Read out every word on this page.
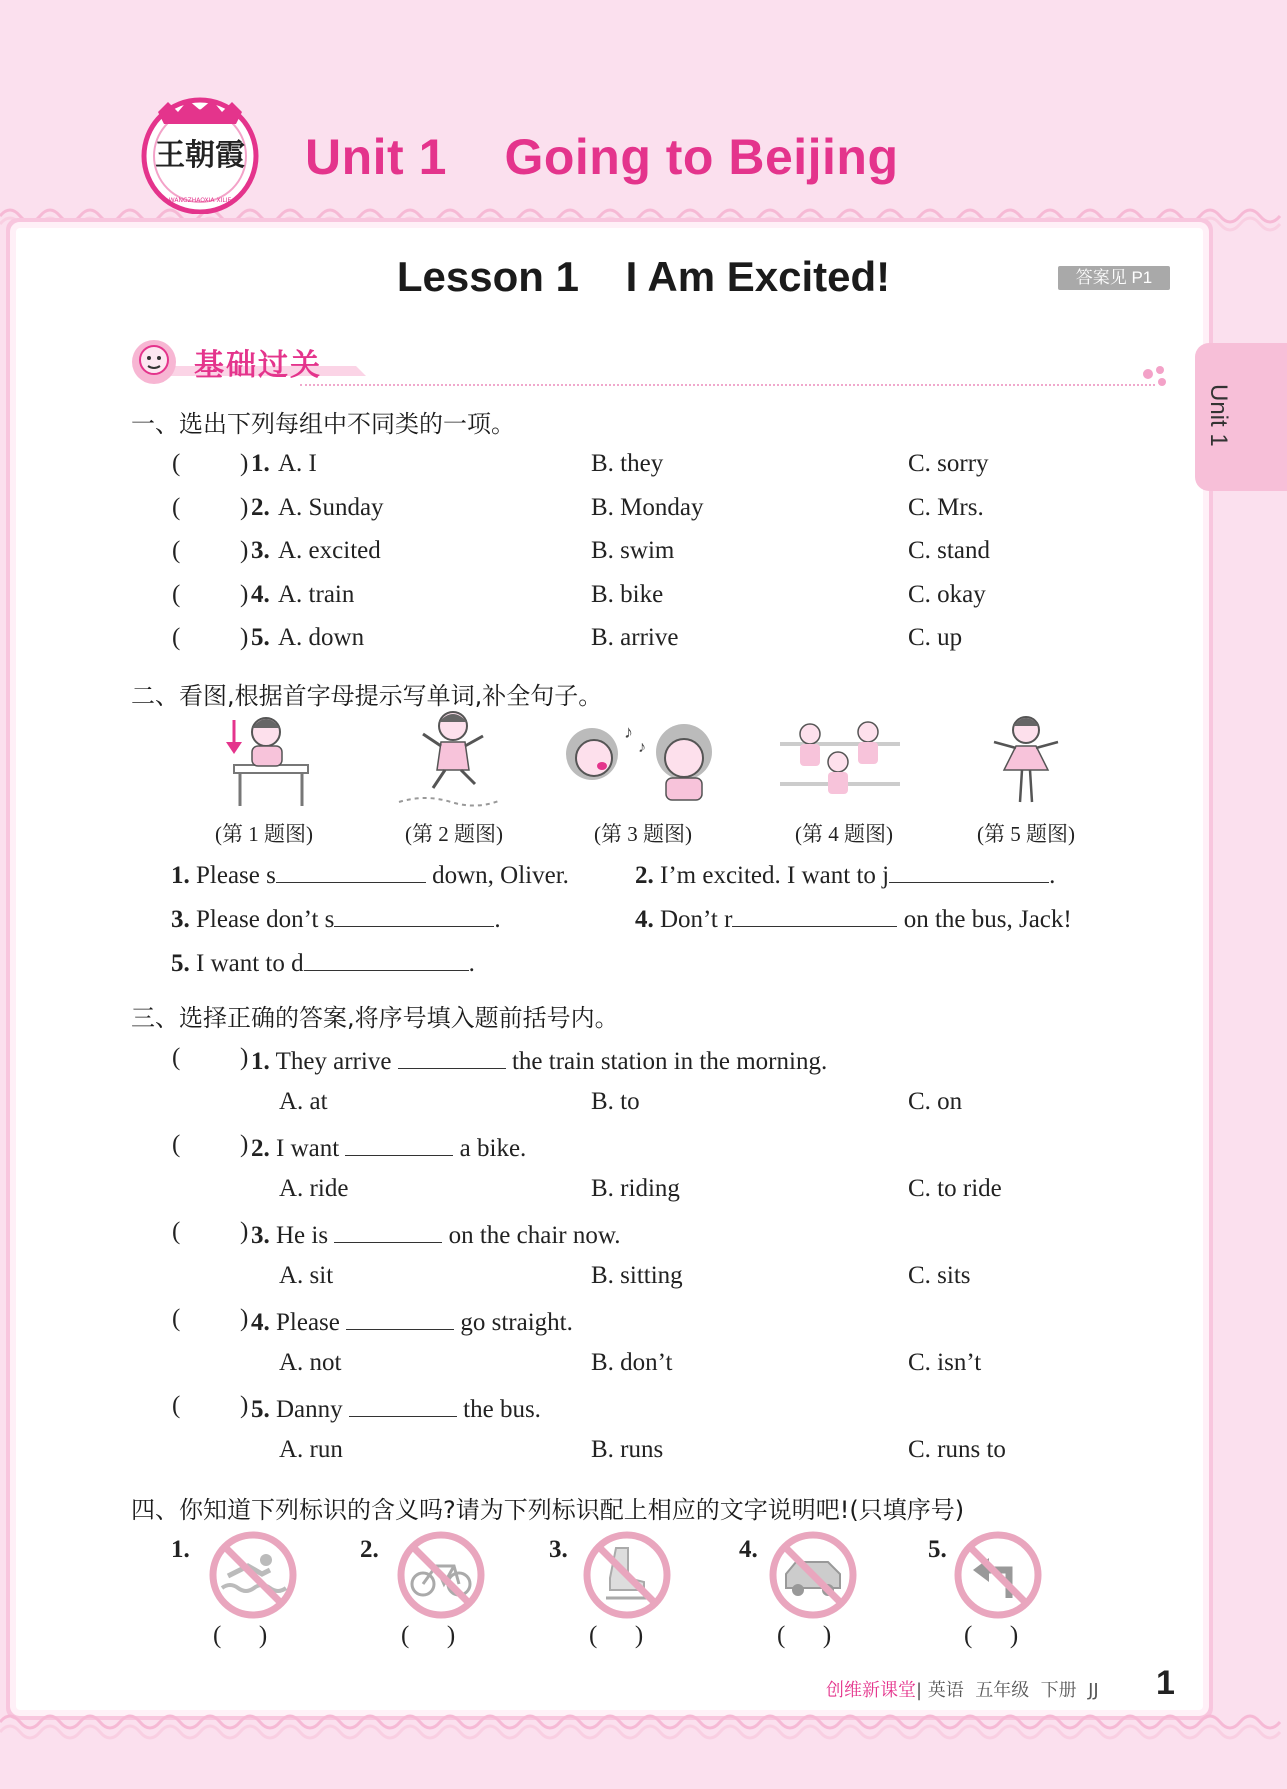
王朝霞
WANGZHAOXIA XILIE
Unit 1    Going to Beijing
Lesson 1    I Am Excited!	答案见 P1
Unit 1
基础过关
一、选出下列每组中不同类的一项。
( ) 1. A. I	B. they	C. sorry
( ) 2. A. Sunday	B. Monday	C. Mrs.
( ) 3. A. excited	B. swim	C. stand
( ) 4. A. train	B. bike	C. okay
( ) 5. A. down	B. arrive	C. up
二、看图,根据首字母提示写单词,补全句子。
♪
♪
(第 1 题图)	(第 2 题图)	(第 3 题图)	(第 4 题图)	(第 5 题图)
1. Please s	down, Oliver.	2. I’m excited. I want to j	.
3. Please don’t s	.	4. Don’t r	on the bus, Jack!
5. I want to d	.
三、选择正确的答案,将序号填入题前括号内。
( ) 1. They arrive	the train station in the morning.
A. at	B. to	C. on
( ) 2. I want	a bike.
A. ride	B. riding	C. to ride
( ) 3. He is	on the chair now.
A. sit	B. sitting	C. sits
( ) 4. Please	go straight.
A. not	B. don’t	C. isn’t
( ) 5. Danny	the bus.
A. run	B. runs	C. runs to
四、你知道下列标识的含义吗?请为下列标识配上相应的文字说明吧!(只填序号)
1.	2.	3.	4.	5.
(      )	(      )	(      )	(      )	(      )
创维新课堂| 英语  五年级  下册  JJ 1
